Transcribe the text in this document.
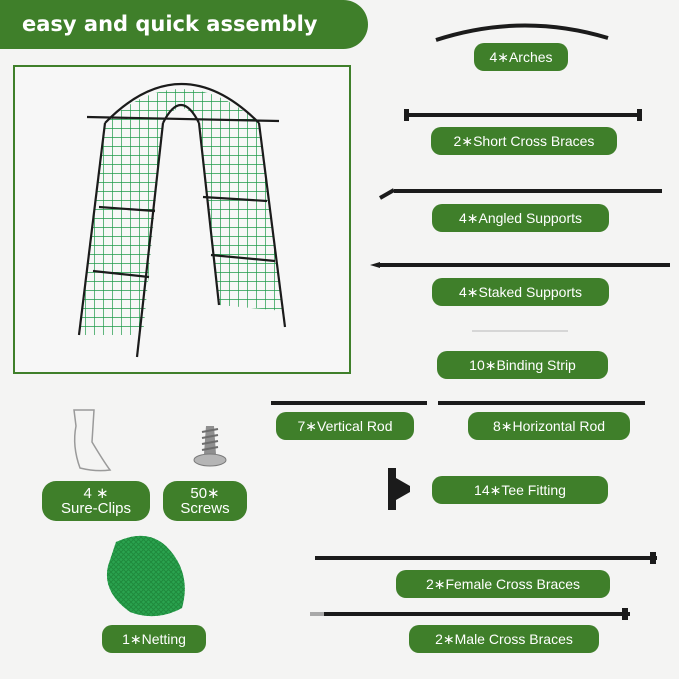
easy and quick assembly
4∗Arches
2∗Short Cross Braces
4∗Angled Supports
4∗Staked Supports
10∗Binding Strip
7∗Vertical Rod	8∗Horizontal Rod
4 ∗
Sure-Clips
50∗
Screws
14∗Tee Fitting
1∗Netting
2∗Female Cross Braces
2∗Male Cross Braces
